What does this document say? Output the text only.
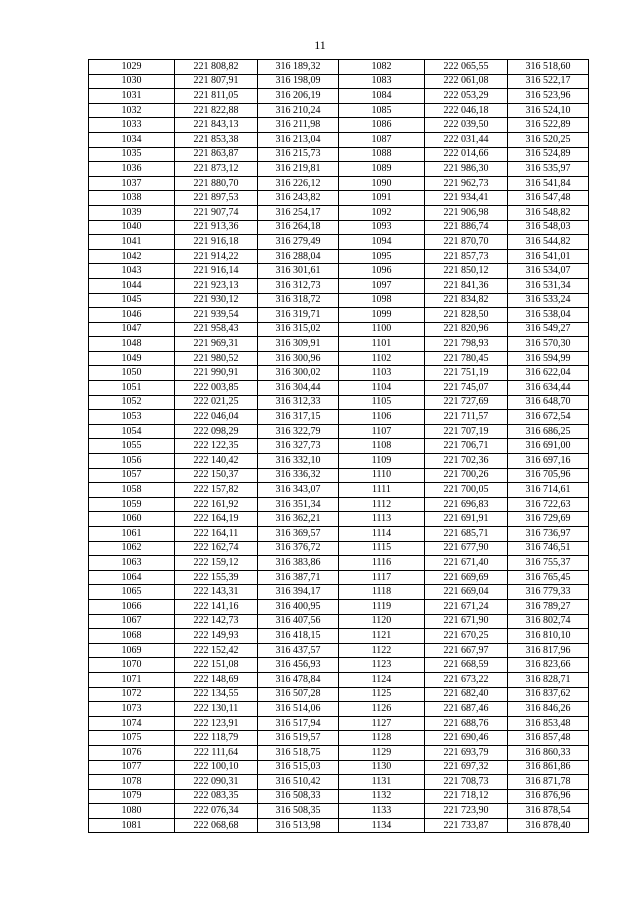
11
1029	221 808,82	316 189,32	1082	222 065,55	316 518,60
1030	221 807,91	316 198,09	1083	222 061,08	316 522,17
1031	221 811,05	316 206,19	1084	222 053,29	316 523,96
1032	221 822,88	316 210,24	1085	222 046,18	316 524,10
1033	221 843,13	316 211,98	1086	222 039,50	316 522,89
1034	221 853,38	316 213,04	1087	222 031,44	316 520,25
1035	221 863,87	316 215,73	1088	222 014,66	316 524,89
1036	221 873,12	316 219,81	1089	221 986,30	316 535,97
1037	221 880,70	316 226,12	1090	221 962,73	316 541,84
1038	221 897,53	316 243,82	1091	221 934,41	316 547,48
1039	221 907,74	316 254,17	1092	221 906,98	316 548,82
1040	221 913,36	316 264,18	1093	221 886,74	316 548,03
1041	221 916,18	316 279,49	1094	221 870,70	316 544,82
1042	221 914,22	316 288,04	1095	221 857,73	316 541,01
1043	221 916,14	316 301,61	1096	221 850,12	316 534,07
1044	221 923,13	316 312,73	1097	221 841,36	316 531,34
1045	221 930,12	316 318,72	1098	221 834,82	316 533,24
1046	221 939,54	316 319,71	1099	221 828,50	316 538,04
1047	221 958,43	316 315,02	1100	221 820,96	316 549,27
1048	221 969,31	316 309,91	1101	221 798,93	316 570,30
1049	221 980,52	316 300,96	1102	221 780,45	316 594,99
1050	221 990,91	316 300,02	1103	221 751,19	316 622,04
1051	222 003,85	316 304,44	1104	221 745,07	316 634,44
1052	222 021,25	316 312,33	1105	221 727,69	316 648,70
1053	222 046,04	316 317,15	1106	221 711,57	316 672,54
1054	222 098,29	316 322,79	1107	221 707,19	316 686,25
1055	222 122,35	316 327,73	1108	221 706,71	316 691,00
1056	222 140,42	316 332,10	1109	221 702,36	316 697,16
1057	222 150,37	316 336,32	1110	221 700,26	316 705,96
1058	222 157,82	316 343,07	1111	221 700,05	316 714,61
1059	222 161,92	316 351,34	1112	221 696,83	316 722,63
1060	222 164,19	316 362,21	1113	221 691,91	316 729,69
1061	222 164,11	316 369,57	1114	221 685,71	316 736,97
1062	222 162,74	316 376,72	1115	221 677,90	316 746,51
1063	222 159,12	316 383,86	1116	221 671,40	316 755,37
1064	222 155,39	316 387,71	1117	221 669,69	316 765,45
1065	222 143,31	316 394,17	1118	221 669,04	316 779,33
1066	222 141,16	316 400,95	1119	221 671,24	316 789,27
1067	222 142,73	316 407,56	1120	221 671,90	316 802,74
1068	222 149,93	316 418,15	1121	221 670,25	316 810,10
1069	222 152,42	316 437,57	1122	221 667,97	316 817,96
1070	222 151,08	316 456,93	1123	221 668,59	316 823,66
1071	222 148,69	316 478,84	1124	221 673,22	316 828,71
1072	222 134,55	316 507,28	1125	221 682,40	316 837,62
1073	222 130,11	316 514,06	1126	221 687,46	316 846,26
1074	222 123,91	316 517,94	1127	221 688,76	316 853,48
1075	222 118,79	316 519,57	1128	221 690,46	316 857,48
1076	222 111,64	316 518,75	1129	221 693,79	316 860,33
1077	222 100,10	316 515,03	1130	221 697,32	316 861,86
1078	222 090,31	316 510,42	1131	221 708,73	316 871,78
1079	222 083,35	316 508,33	1132	221 718,12	316 876,96
1080	222 076,34	316 508,35	1133	221 723,90	316 878,54
1081	222 068,68	316 513,98	1134	221 733,87	316 878,40
